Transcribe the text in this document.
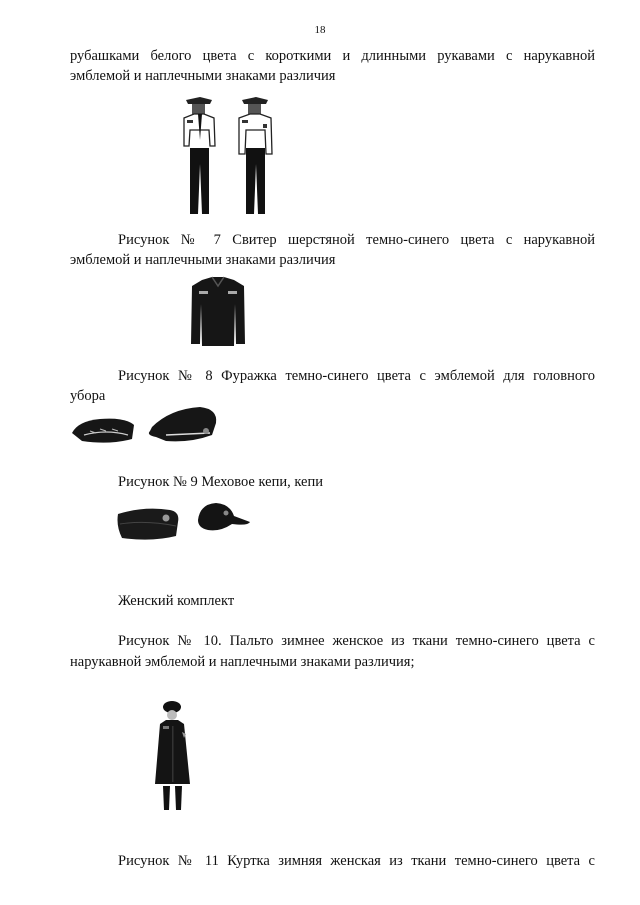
18
рубашками белого цвета с короткими и длинными рукавами с нарукавной
эмблемой и наплечными знаками различия
Рисунок № 7 Свитер шерстяной темно-синего цвета с нарукавной
эмблемой и наплечными знаками различия
Рисунок № 8 Фуражка темно-синего цвета с эмблемой для головного
убора
Рисунок № 9 Меховое кепи, кепи
Женский комплект
Рисунок № 10. Пальто зимнее женское из ткани темно-синего цвета с
нарукавной эмблемой и наплечными знаками различия;
Рисунок № 11 Куртка зимняя женская из ткани темно-синего цвета с
